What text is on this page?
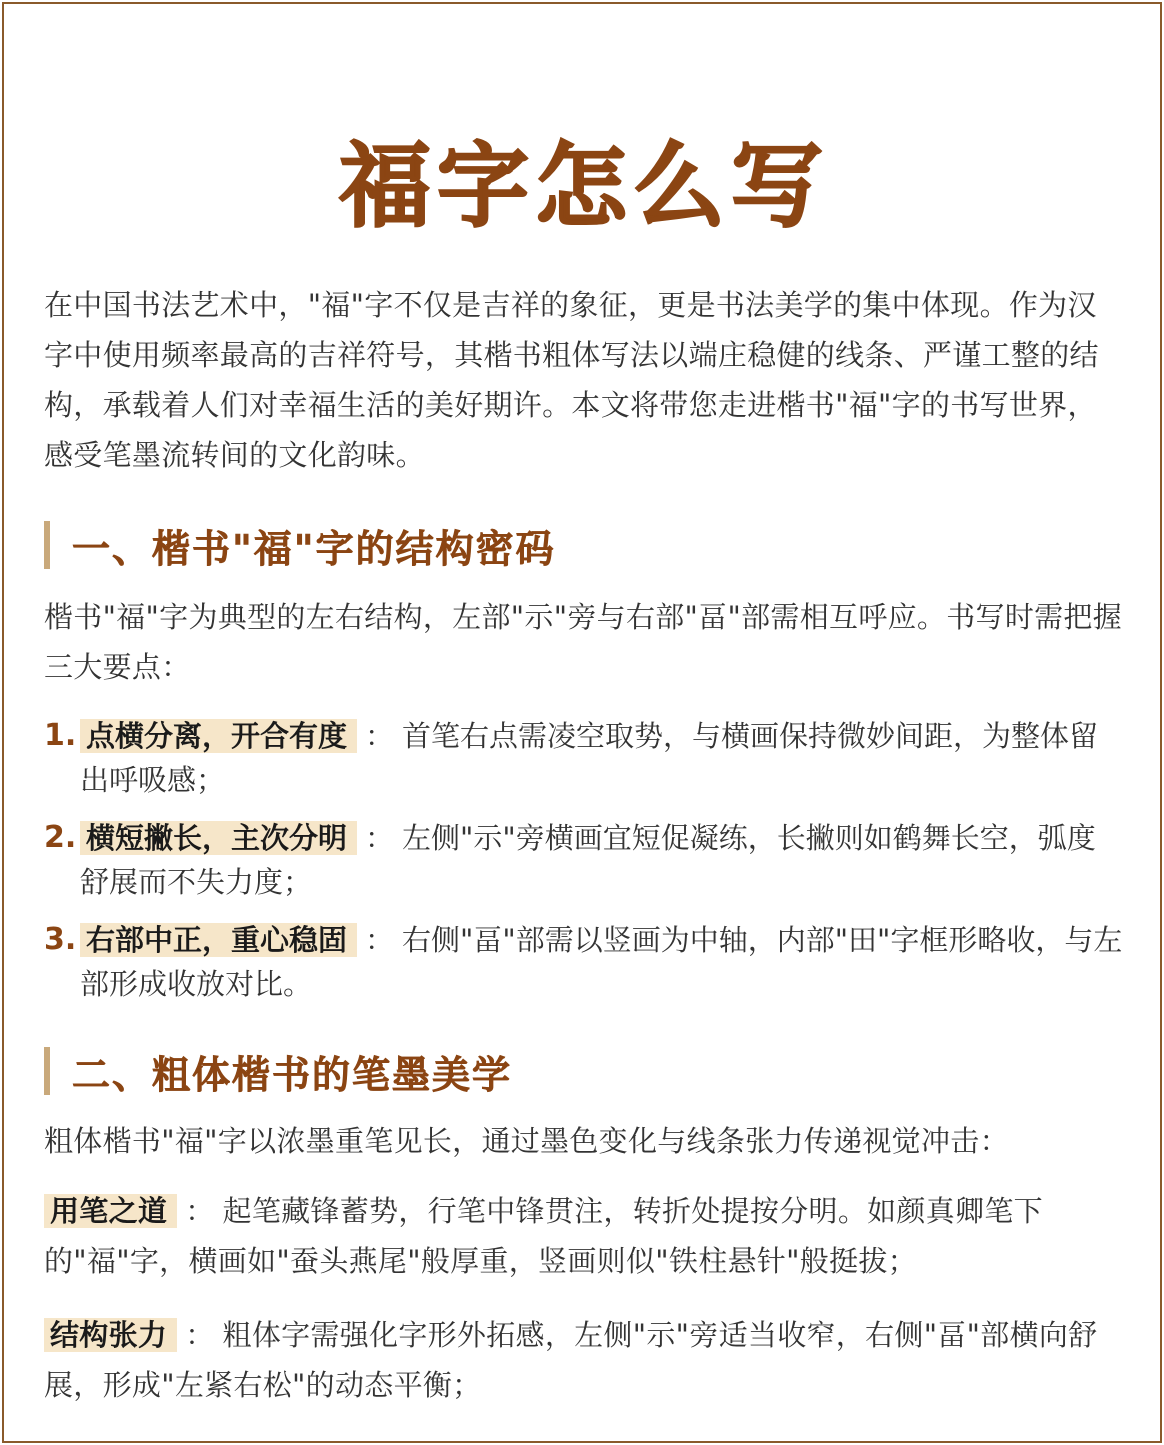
福字怎么写

在中国书法艺术中，"福"字不仅是吉祥的象征，更是书法美学的集中体现。作为汉字中使用频率最高的吉祥符号，其楷书粗体写法以端庄稳健的线条、严谨工整的结构，承载着人们对幸福生活的美好期许。本文将带您走进楷书"福"字的书写世界，感受笔墨流转间的文化韵味。

一、楷书"福"字的结构密码

楷书"福"字为典型的左右结构，左部"示"旁与右部"畐"部需相互呼应。书写时需把握三大要点：

1. 点横分离，开合有度 ： 首笔右点需凌空取势，与横画保持微妙间距，为整体留出呼吸感；
2. 横短撇长，主次分明 ： 左侧"示"旁横画宜短促凝练，长撇则如鹤舞长空，弧度舒展而不失力度；
3. 右部中正，重心稳固 ： 右侧"畐"部需以竖画为中轴，内部"田"字框形略收，与左部形成收放对比。
二、粗体楷书的笔墨美学

粗体楷书"福"字以浓墨重笔见长，通过墨色变化与线条张力传递视觉冲击：

用笔之道 ： 起笔藏锋蓄势，行笔中锋贯注，转折处提按分明。如颜真卿笔下的"福"字，横画如"蚕头燕尾"般厚重，竖画则似"铁柱悬针"般挺拔；

结构张力 ： 粗体字需强化字形外拓感，左侧"示"旁适当收窄，右侧"畐"部横向舒展，形成"左紧右松"的动态平衡；
